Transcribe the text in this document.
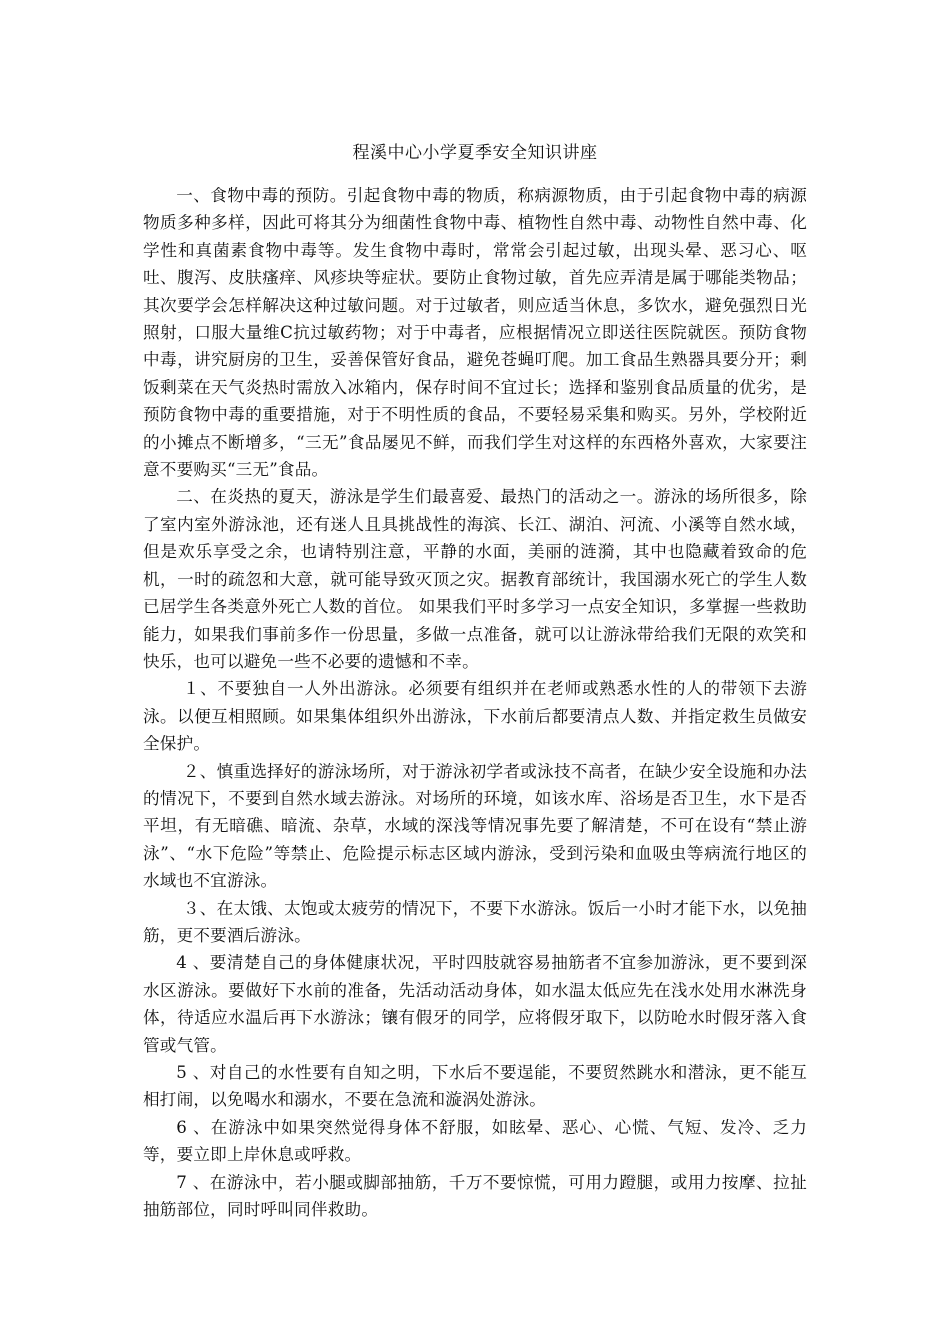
程溪中心小学夏季安全知识讲座

一、食物中毒的预防。引起食物中毒的物质，称病源物质，由于引起食物中毒的病源物质多种多样，因此可将其分为细菌性食物中毒、植物性自然中毒、动物性自然中毒、化学性和真菌素食物中毒等。发生食物中毒时，常常会引起过敏，出现头晕、恶习心、呕吐、腹泻、皮肤瘙痒、风疹块等症状。要防止食物过敏，首先应弄清是属于哪能类物品；其次要学会怎样解决这种过敏问题。对于过敏者，则应适当休息，多饮水，避免强烈日光照射，口服大量维C抗过敏药物；对于中毒者，应根据情况立即送往医院就医。预防食物中毒，讲究厨房的卫生，妥善保管好食品，避免苍蝇叮爬。加工食品生熟器具要分开；剩饭剩菜在天气炎热时需放入冰箱内，保存时间不宜过长；选择和鉴别食品质量的优劣，是预防食物中毒的重要措施，对于不明性质的食品，不要轻易采集和购买。另外，学校附近的小摊点不断增多，“三无”食品屡见不鲜，而我们学生对这样的东西格外喜欢，大家要注意不要购买“三无”食品。

二、在炎热的夏天，游泳是学生们最喜爱、最热门的活动之一。游泳的场所很多，除了室内室外游泳池，还有迷人且具挑战性的海滨、长江、湖泊、河流、小溪等自然水域，但是欢乐享受之余，也请特别注意，平静的水面，美丽的涟漪，其中也隐藏着致命的危机，一时的疏忽和大意，就可能导致灭顶之灾。据教育部统计，我国溺水死亡的学生人数已居学生各类意外死亡人数的首位。 如果我们平时多学习一点安全知识，多掌握一些救助能力，如果我们事前多作一份思量，多做一点准备，就可以让游泳带给我们无限的欢笑和快乐，也可以避免一些不必要的遗憾和不幸。

１、不要独自一人外出游泳。必须要有组织并在老师或熟悉水性的人的带领下去游泳。以便互相照顾。如果集体组织外出游泳，下水前后都要清点人数、并指定救生员做安全保护。

２、慎重选择好的游泳场所，对于游泳初学者或泳技不高者，在缺少安全设施和办法的情况下，不要到自然水域去游泳。对场所的环境，如该水库、浴场是否卫生，水下是否平坦，有无暗礁、暗流、杂草，水域的深浅等情况事先要了解清楚，不可在设有“禁止游泳”、“水下危险”等禁止、危险提示标志区域内游泳，受到污染和血吸虫等病流行地区的水域也不宜游泳。

３、在太饿、太饱或太疲劳的情况下，不要下水游泳。饭后一小时才能下水，以免抽筋，更不要酒后游泳。

4 、要清楚自己的身体健康状况，平时四肢就容易抽筋者不宜参加游泳，更不要到深水区游泳。要做好下水前的准备，先活动活动身体，如水温太低应先在浅水处用水淋洗身体，待适应水温后再下水游泳；镶有假牙的同学，应将假牙取下，以防呛水时假牙落入食管或气管。

5 、对自己的水性要有自知之明，下水后不要逞能，不要贸然跳水和潜泳，更不能互相打闹，以免喝水和溺水，不要在急流和漩涡处游泳。

6 、在游泳中如果突然觉得身体不舒服，如眩晕、恶心、心慌、气短、发冷、乏力等，要立即上岸休息或呼救。

7 、在游泳中，若小腿或脚部抽筋，千万不要惊慌，可用力蹬腿，或用力按摩、拉扯抽筋部位，同时呼叫同伴救助。
